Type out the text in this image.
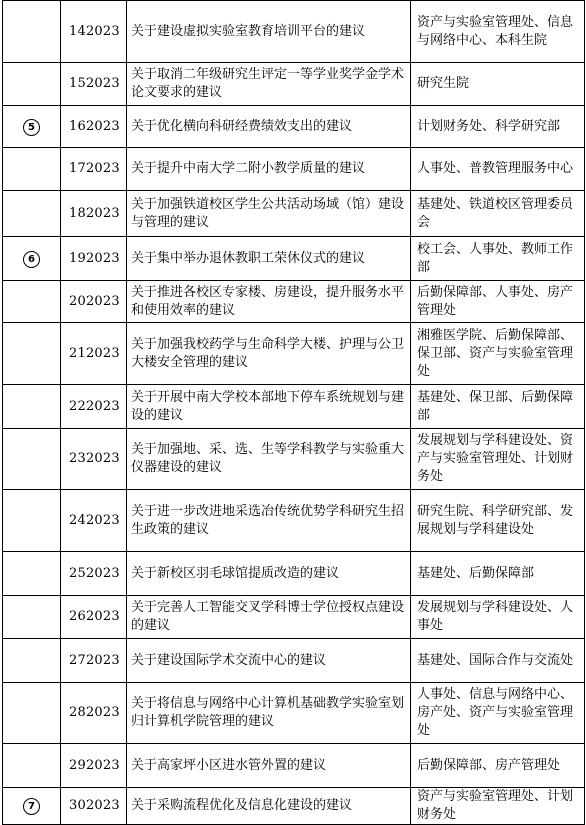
	142023	关于建设虚拟实验室教育培训平台的建议	资产与实验室管理处、信息与网络中心、本科生院
	152023	关于取消二年级研究生评定一等学业奖学金学术论文要求的建议	研究生院
5	162023	关于优化横向科研经费绩效支出的建议	计划财务处、科学研究部
	172023	关于提升中南大学二附小教学质量的建议	人事处、普教管理服务中心
	182023	关于加强铁道校区学生公共活动场域（馆）建设与管理的建议	基建处、铁道校区管理委员会
6	192023	关于集中举办退休教职工荣休仪式的建议	校工会、人事处、教师工作部
	202023	关于推进各校区专家楼、房建设，提升服务水平和使用效率的建议	后勤保障部、人事处、房产管理处
	212023	关于加强我校药学与生命科学大楼、护理与公卫大楼安全管理的建议	湘雅医学院、后勤保障部、保卫部、资产与实验室管理处
	222023	关于开展中南大学校本部地下停车系统规划与建设的建议	基建处、保卫部、后勤保障部
	232023	关于加强地、采、选、生等学科教学与实验重大仪器建设的建议	发展规划与学科建设处、资产与实验室管理处、计划财务处
	242023	关于进一步改进地采选冶传统优势学科研究生招生政策的建议	研究生院、科学研究部、发展规划与学科建设处
	252023	关于新校区羽毛球馆提质改造的建议	基建处、后勤保障部
	262023	关于完善人工智能交叉学科博士学位授权点建设的建议	发展规划与学科建设处、人事处
	272023	关于建设国际学术交流中心的建议	基建处、国际合作与交流处
	282023	关于将信息与网络中心计算机基础教学实验室划归计算机学院管理的建议	人事处、信息与网络中心、房产处、资产与实验室管理处
	292023	关于高家坪小区进水管外置的建议	后勤保障部、房产管理处
7	302023	关于采购流程优化及信息化建设的建议	资产与实验室管理处、计划财务处
